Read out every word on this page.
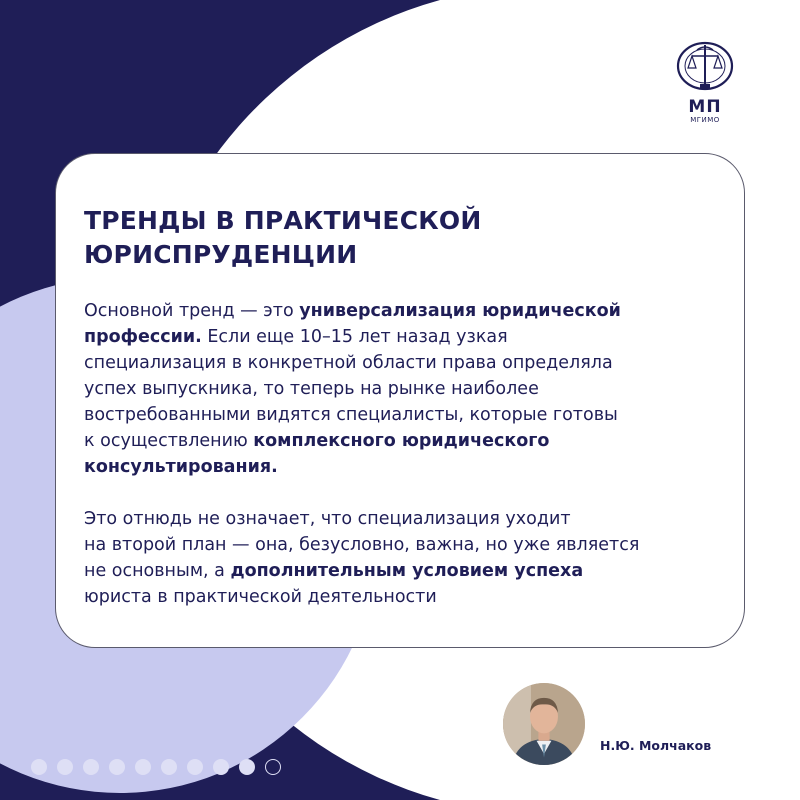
МП
МГИМО
ТРЕНДЫ В ПРАКТИЧЕСКОЙ
ЮРИСПРУДЕНЦИИ

Основной тренд — это универсализация юридической
профессии. Если еще 10–15 лет назад узкая
специализация в конкретной области права определяла
успех выпускника, то теперь на рынке наиболее
востребованными видятся специалисты, которые готовы
к осуществлению комплексного юридического
консультирования.

Это отнюдь не означает, что специализация уходит
на второй план — она, безусловно, важна, но уже является
не основным, а дополнительным условием успеха
юриста в практической деятельности

Н.Ю. Молчаков
